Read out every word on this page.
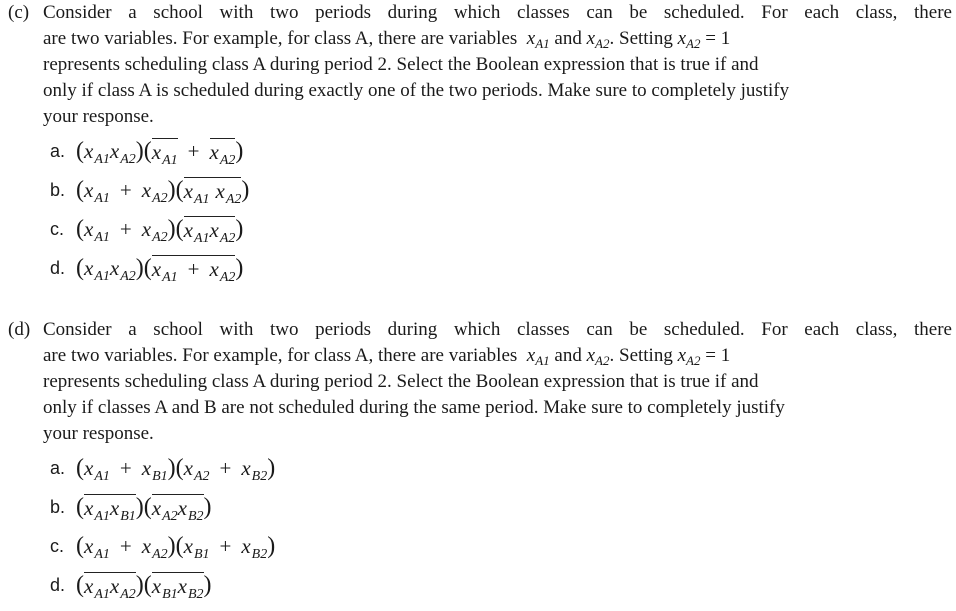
(c) Consider a school with two periods during which classes can be scheduled. For each class, there
are two variables. For example, for class A, there are variables $x_{A1}$ and $x_{A2}$. Setting $x_{A2} = 1$
represents scheduling class A during period 2. Select the Boolean expression that is true if and
only if class A is scheduled during exactly one of the two periods. Make sure to completely justify
your response.
a. ( x A1 x A2 )( x A1 + x A2 )
b. ( x A1 + x A2 )( x A1 x A2 )
c. ( x A1 + x A2 )( x A1 x A2 )
d. ( x A1 x A2 )( x A1 + x A2 )
(d) Consider a school with two periods during which classes can be scheduled. For each class, there
are two variables. For example, for class A, there are variables $x_{A1}$ and $x_{A2}$. Setting $x_{A2} = 1$
represents scheduling class A during period 2. Select the Boolean expression that is true if and
only if classes A and B are not scheduled during the same period. Make sure to completely justify
your response.
a. ( x A1 + x B1 )( x A2 + x B2 )
b. ( x A1 x B1 )( x A2 x B2 )
c. ( x A1 + x A2 )( x B1 + x B2 )
d. ( x A1 x A2 )( x B1 x B2 )
